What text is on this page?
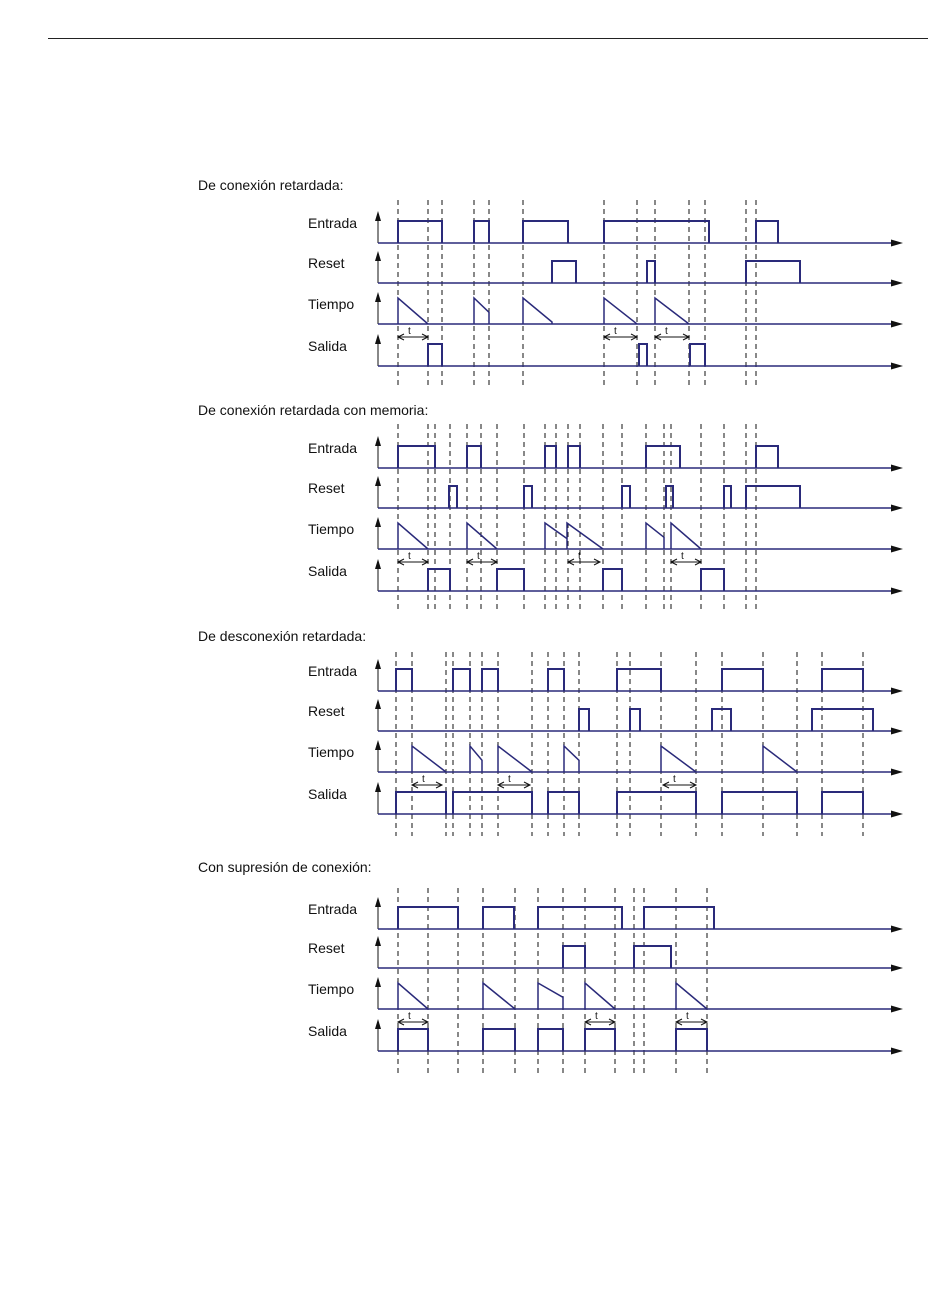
De conexión retardada:
Entrada
Reset
Tiempo
Salida
t	t	t
De conexión retardada con memoria:
Entrada
Reset
Tiempo
Salida
t	t	t	t
De desconexión retardada:
Entrada
Reset
Tiempo
Salida
t	t	t
Con supresión de conexión:
Entrada
Reset
Tiempo
Salida
t	t	t
